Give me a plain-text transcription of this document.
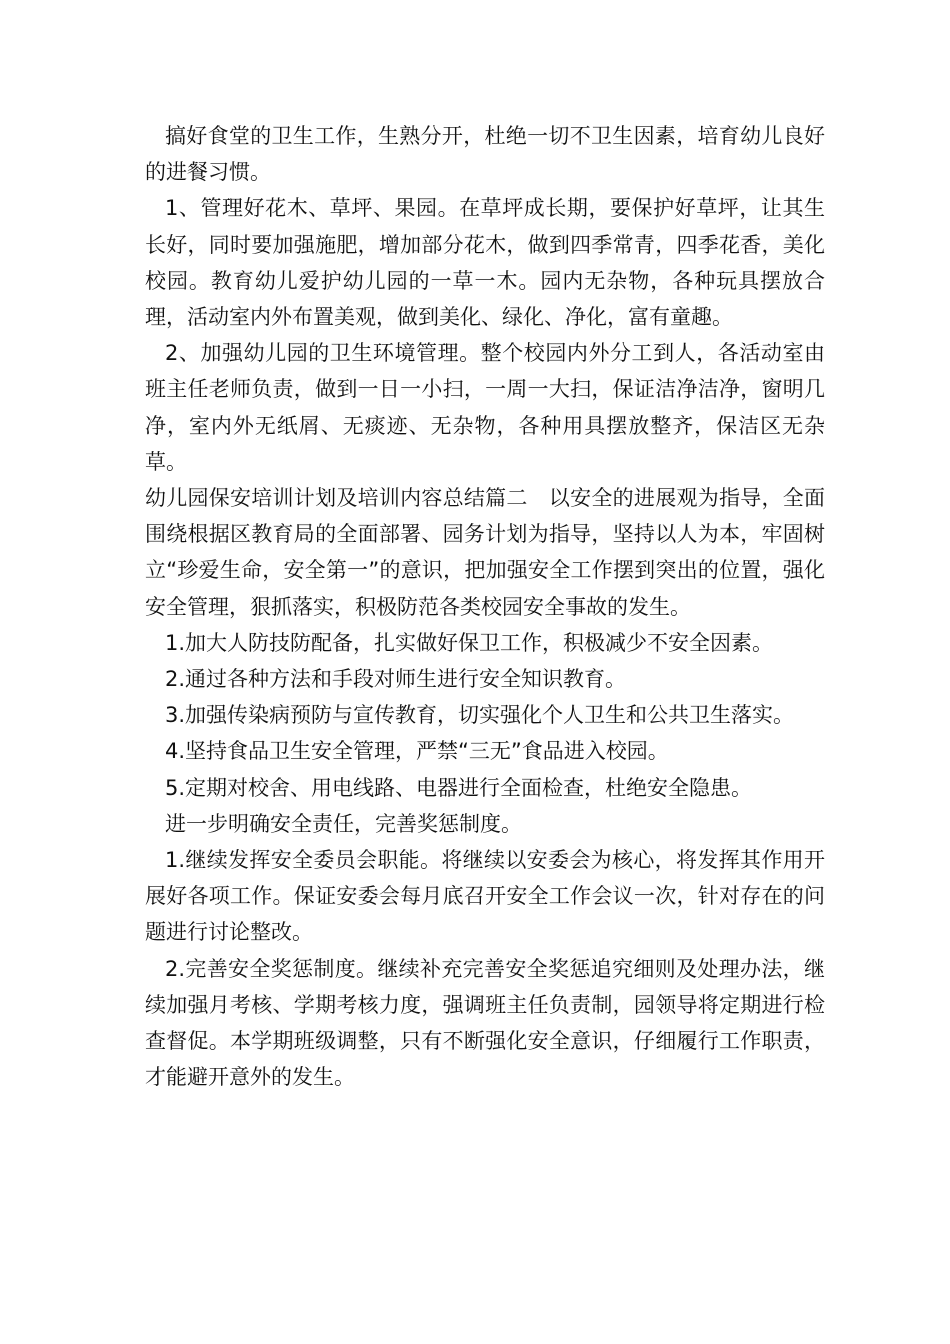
搞好食堂的卫生工作，生熟分开，杜绝一切不卫生因素，培育幼儿良好的进餐习惯。

1、管理好花木、草坪、果园。在草坪成长期，要保护好草坪，让其生长好，同时要加强施肥，增加部分花木，做到四季常青，四季花香，美化校园。教育幼儿爱护幼儿园的一草一木。园内无杂物，各种玩具摆放合理，活动室内外布置美观，做到美化、绿化、净化，富有童趣。

2、加强幼儿园的卫生环境管理。整个校园内外分工到人，各活动室由班主任老师负责，做到一日一小扫，一周一大扫，保证洁净洁净，窗明几净，室内外无纸屑、无痰迹、无杂物，各种用具摆放整齐，保洁区无杂草。

幼儿园保安培训计划及培训内容总结篇二　以安全的进展观为指导，全面围绕根据区教育局的全面部署、园务计划为指导，坚持以人为本，牢固树立“珍爱生命，安全第一”的意识，把加强安全工作摆到突出的位置，强化安全管理，狠抓落实，积极防范各类校园安全事故的发生。

1.加大人防技防配备，扎实做好保卫工作，积极减少不安全因素。

2.通过各种方法和手段对师生进行安全知识教育。

3.加强传染病预防与宣传教育，切实强化个人卫生和公共卫生落实。

4.坚持食品卫生安全管理，严禁“三无”食品进入校园。

5.定期对校舍、用电线路、电器进行全面检查，杜绝安全隐患。

进一步明确安全责任，完善奖惩制度。

1.继续发挥安全委员会职能。将继续以安委会为核心，将发挥其作用开展好各项工作。保证安委会每月底召开安全工作会议一次，针对存在的问题进行讨论整改。

2.完善安全奖惩制度。继续补充完善安全奖惩追究细则及处理办法，继续加强月考核、学期考核力度，强调班主任负责制，园领导将定期进行检查督促。本学期班级调整，只有不断强化安全意识，仔细履行工作职责，才能避开意外的发生。
